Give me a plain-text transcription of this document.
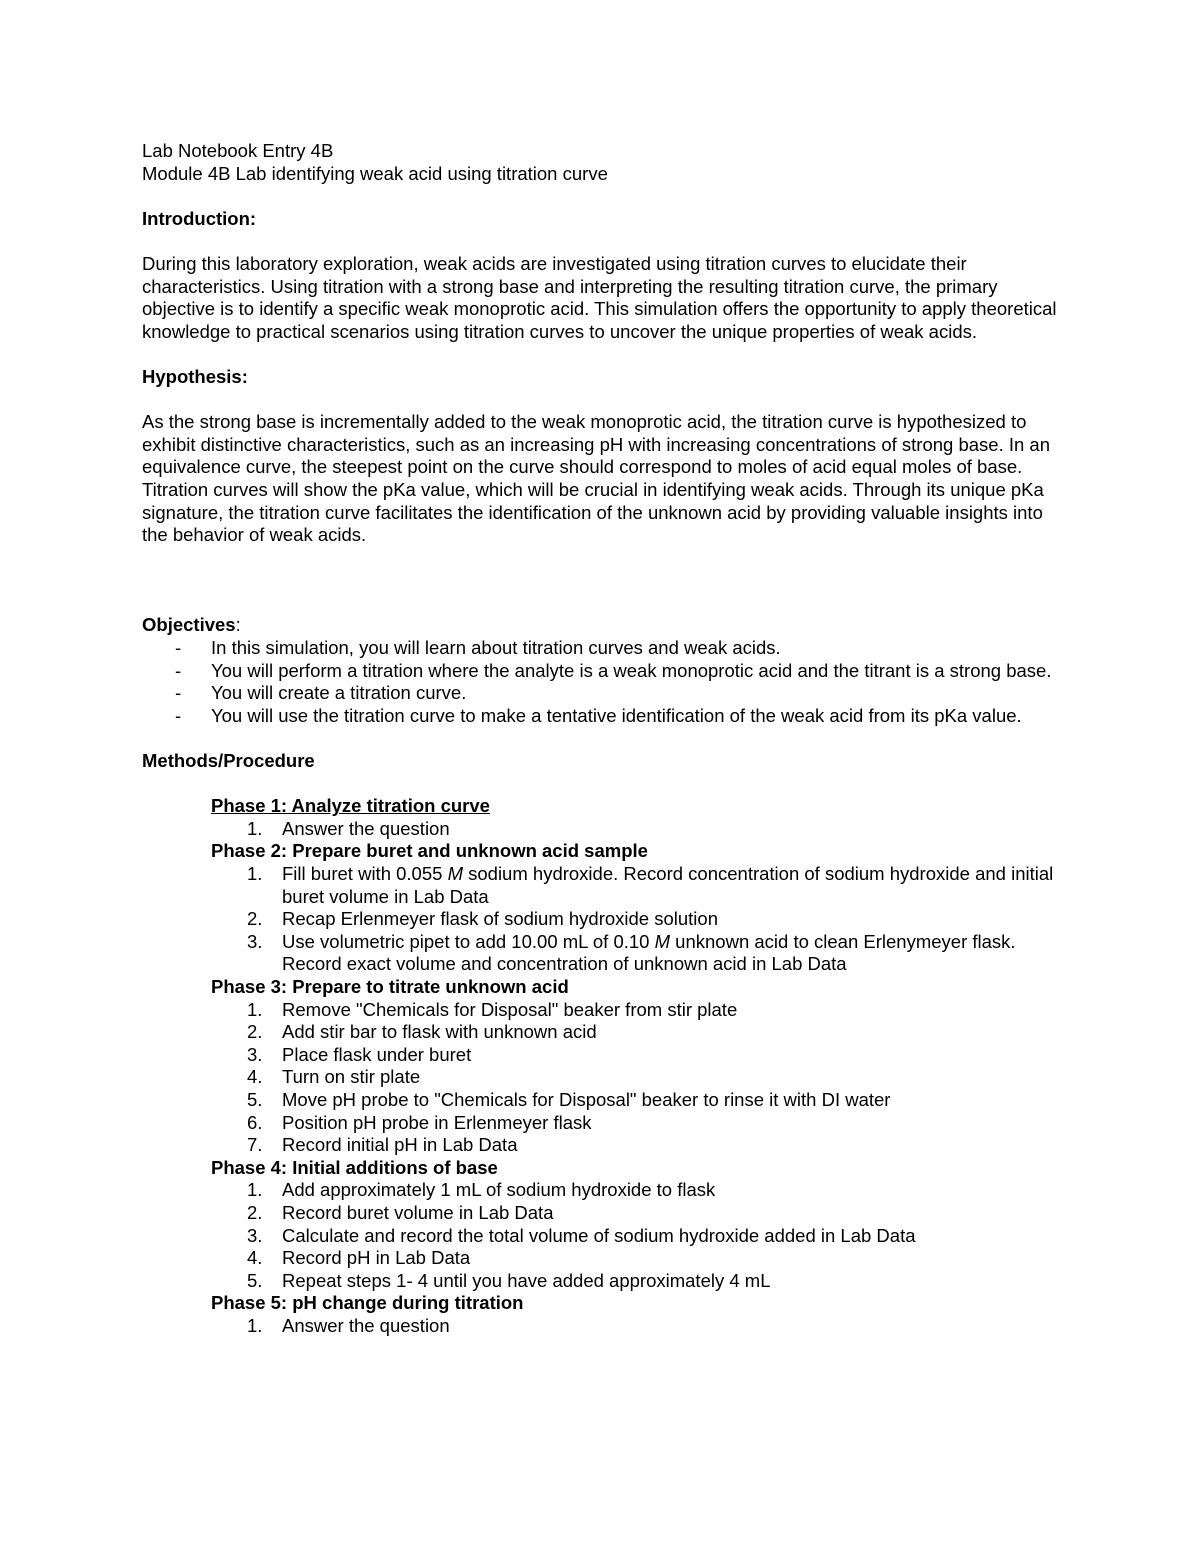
Lab Notebook Entry 4B

Module 4B Lab identifying weak acid using titration curve

Introduction:

During this laboratory exploration, weak acids are investigated using titration curves to elucidate their characteristics. Using titration with a strong base and interpreting the resulting titration curve, the primary objective is to identify a specific weak monoprotic acid. This simulation offers the opportunity to apply theoretical knowledge to practical scenarios using titration curves to uncover the unique properties of weak acids.

Hypothesis:

As the strong base is incrementally added to the weak monoprotic acid, the titration curve is hypothesized to exhibit distinctive characteristics, such as an increasing pH with increasing concentrations of strong base. In an equivalence curve, the steepest point on the curve should correspond to moles of acid equal moles of base. Titration curves will show the pKa value, which will be crucial in identifying weak acids. Through its unique pKa signature, the titration curve facilitates the identification of the unknown acid by providing valuable insights into the behavior of weak acids.

Objectives:

- In this simulation, you will learn about titration curves and weak acids.
- You will perform a titration where the analyte is a weak monoprotic acid and the titrant is a strong base.
- You will create a titration curve.
- You will use the titration curve to make a tentative identification of the weak acid from its pKa value.

Methods/Procedure

Phase 1: Analyze titration curve

1. Answer the question

Phase 2: Prepare buret and unknown acid sample

1. Fill buret with 0.055 M sodium hydroxide. Record concentration of sodium hydroxide and initial buret volume in Lab Data
2. Recap Erlenmeyer flask of sodium hydroxide solution
3. Use volumetric pipet to add 10.00 mL of 0.10 M unknown acid to clean Erlenymeyer flask. Record exact volume and concentration of unknown acid in Lab Data

Phase 3: Prepare to titrate unknown acid

1. Remove "Chemicals for Disposal" beaker from stir plate
2. Add stir bar to flask with unknown acid
3. Place flask under buret
4. Turn on stir plate
5. Move pH probe to "Chemicals for Disposal" beaker to rinse it with DI water
6. Position pH probe in Erlenmeyer flask
7. Record initial pH in Lab Data

Phase 4: Initial additions of base

1. Add approximately 1 mL of sodium hydroxide to flask
2. Record buret volume in Lab Data
3. Calculate and record the total volume of sodium hydroxide added in Lab Data
4. Record pH in Lab Data
5. Repeat steps 1- 4 until you have added approximately 4 mL

Phase 5: pH change during titration

1. Answer the question
